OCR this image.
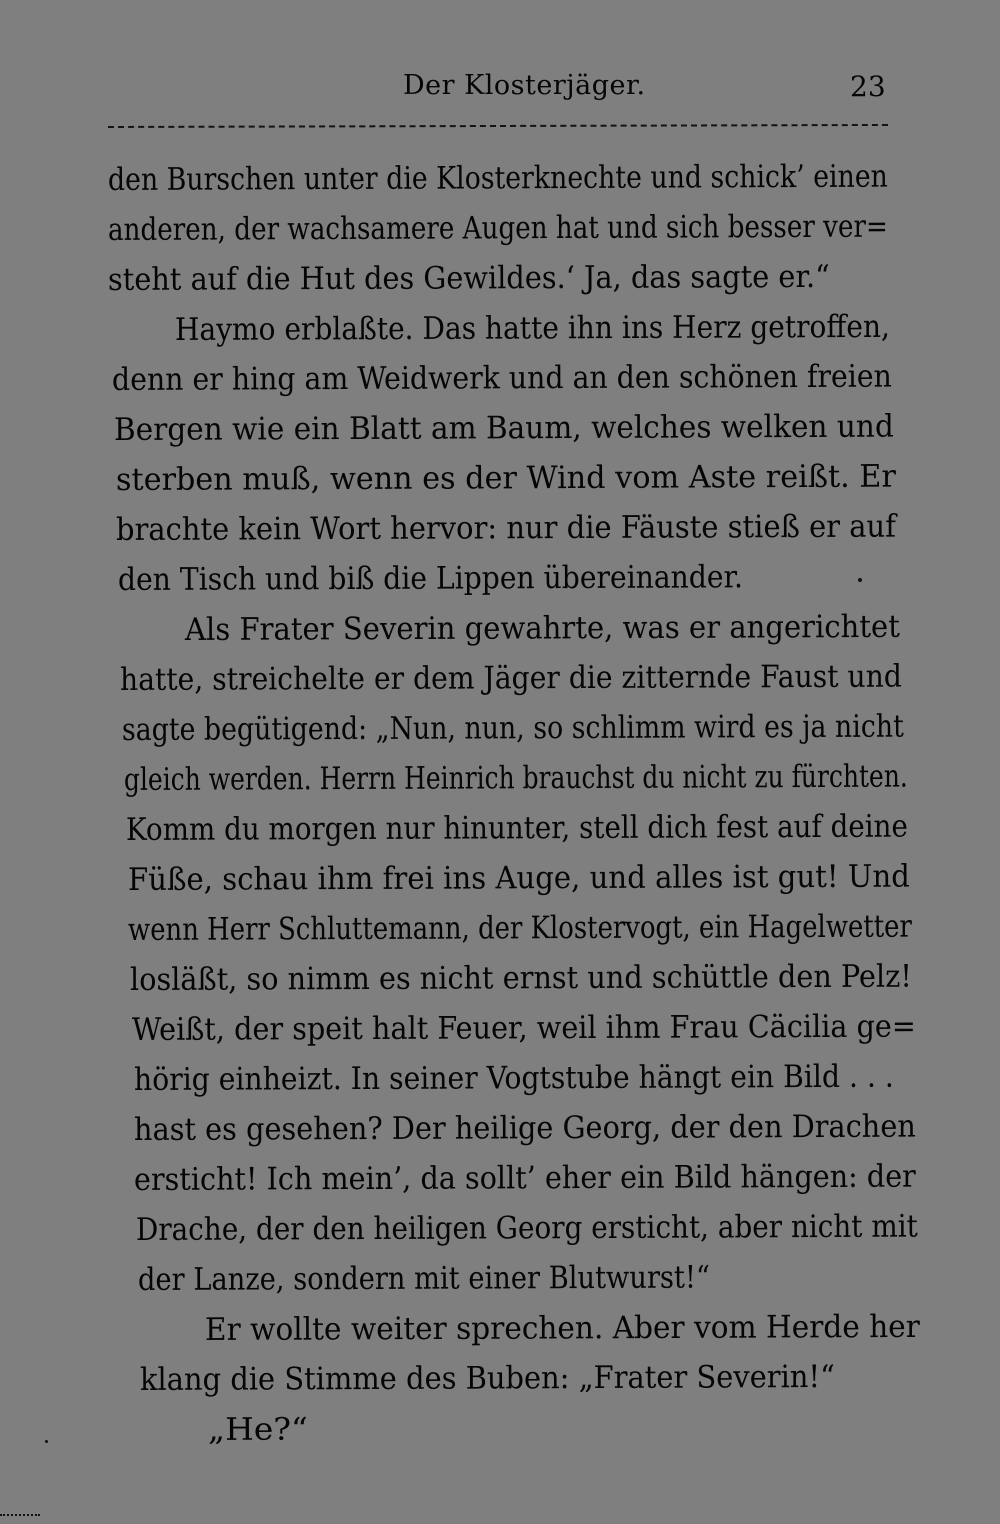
Der Klosterjäger.	23
den Burschen unter die Klosterknechte und schick’ einen
anderen, der wachsamere Augen hat und sich besser ver=
steht auf die Hut des Gewildes.‘ Ja, das sagte er.“
Haymo erblaßte. Das hatte ihn ins Herz getroffen,
denn er hing am Weidwerk und an den schönen freien
Bergen wie ein Blatt am Baum, welches welken und
sterben muß, wenn es der Wind vom Aste reißt. Er
brachte kein Wort hervor: nur die Fäuste stieß er auf
den Tisch und biß die Lippen übereinander.
Als Frater Severin gewahrte, was er angerichtet
hatte, streichelte er dem Jäger die zitternde Faust und
sagte begütigend: „Nun, nun, so schlimm wird es ja nicht
gleich werden. Herrn Heinrich brauchst du nicht zu fürchten.
Komm du morgen nur hinunter, stell dich fest auf deine
Füße, schau ihm frei ins Auge, und alles ist gut! Und
wenn Herr Schluttemann, der Klostervogt, ein Hagelwetter
losläßt, so nimm es nicht ernst und schüttle den Pelz!
Weißt, der speit halt Feuer, weil ihm Frau Cäcilia ge=
hörig einheizt. In seiner Vogtstube hängt ein Bild . . .
hast es gesehen? Der heilige Georg, der den Drachen
ersticht! Ich mein’, da sollt’ eher ein Bild hängen: der
Drache, der den heiligen Georg ersticht, aber nicht mit
der Lanze, sondern mit einer Blutwurst!“
Er wollte weiter sprechen. Aber vom Herde her
klang die Stimme des Buben: „Frater Severin!“
„He?“
